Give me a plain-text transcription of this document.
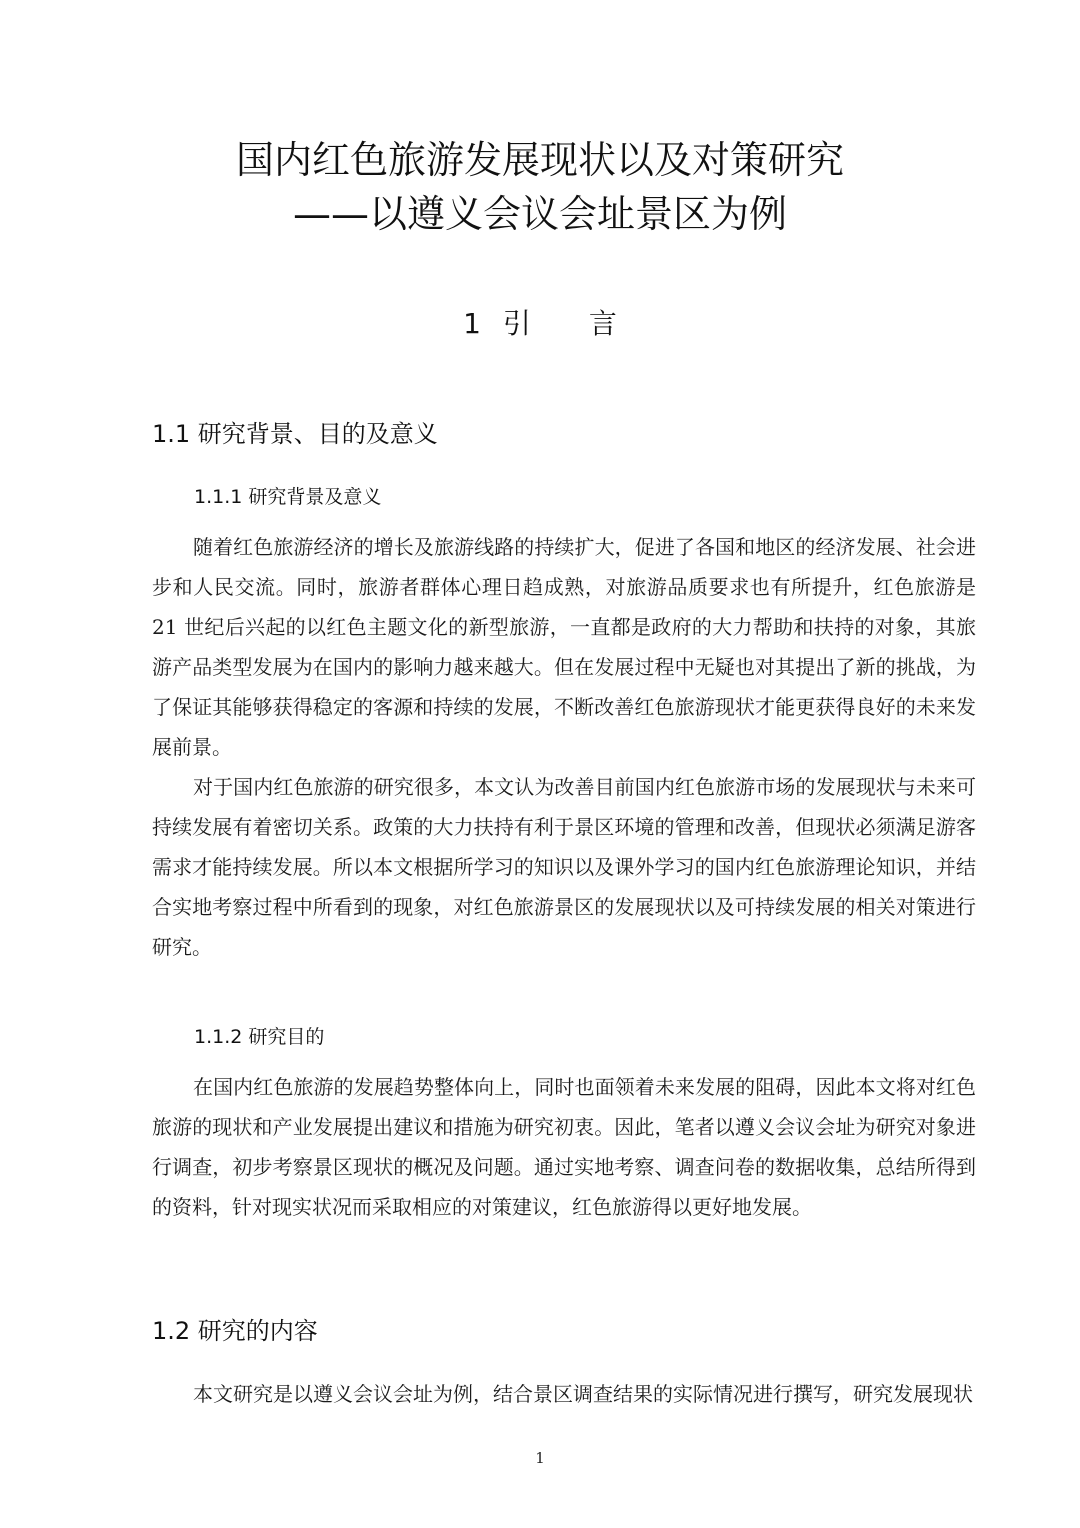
国内红色旅游发展现状以及对策研究
——以遵义会议会址景区为例
1 引 言
1.1 研究背景、目的及意义
1.1.1 研究背景及意义

随着红色旅游经济的增长及旅游线路的持续扩大，促进了各国和地区的经济发展、社会进步和人民交流。同时，旅游者群体心理日趋成熟，对旅游品质要求也有所提升，红色旅游是 21 世纪后兴起的以红色主题文化的新型旅游，一直都是政府的大力帮助和扶持的对象，其旅游产品类型发展为在国内的影响力越来越大。但在发展过程中无疑也对其提出了新的挑战，为了保证其能够获得稳定的客源和持续的发展，不断改善红色旅游现状才能更获得良好的未来发展前景。

对于国内红色旅游的研究很多，本文认为改善目前国内红色旅游市场的发展现状与未来可持续发展有着密切关系。政策的大力扶持有利于景区环境的管理和改善，但现状必须满足游客需求才能持续发展。所以本文根据所学习的知识以及课外学习的国内红色旅游理论知识，并结合实地考察过程中所看到的现象，对红色旅游景区的发展现状以及可持续发展的相关对策进行研究。

1.1.2 研究目的

在国内红色旅游的发展趋势整体向上，同时也面领着未来发展的阻碍，因此本文将对红色旅游的现状和产业发展提出建议和措施为研究初衷。因此，笔者以遵义会议会址为研究对象进行调查，初步考察景区现状的概况及问题。通过实地考察、调查问卷的数据收集，总结所得到的资料，针对现实状况而采取相应的对策建议，红色旅游得以更好地发展。

1.2 研究的内容

本文研究是以遵义会议会址为例，结合景区调查结果的实际情况进行撰写，研究发展现状

1
